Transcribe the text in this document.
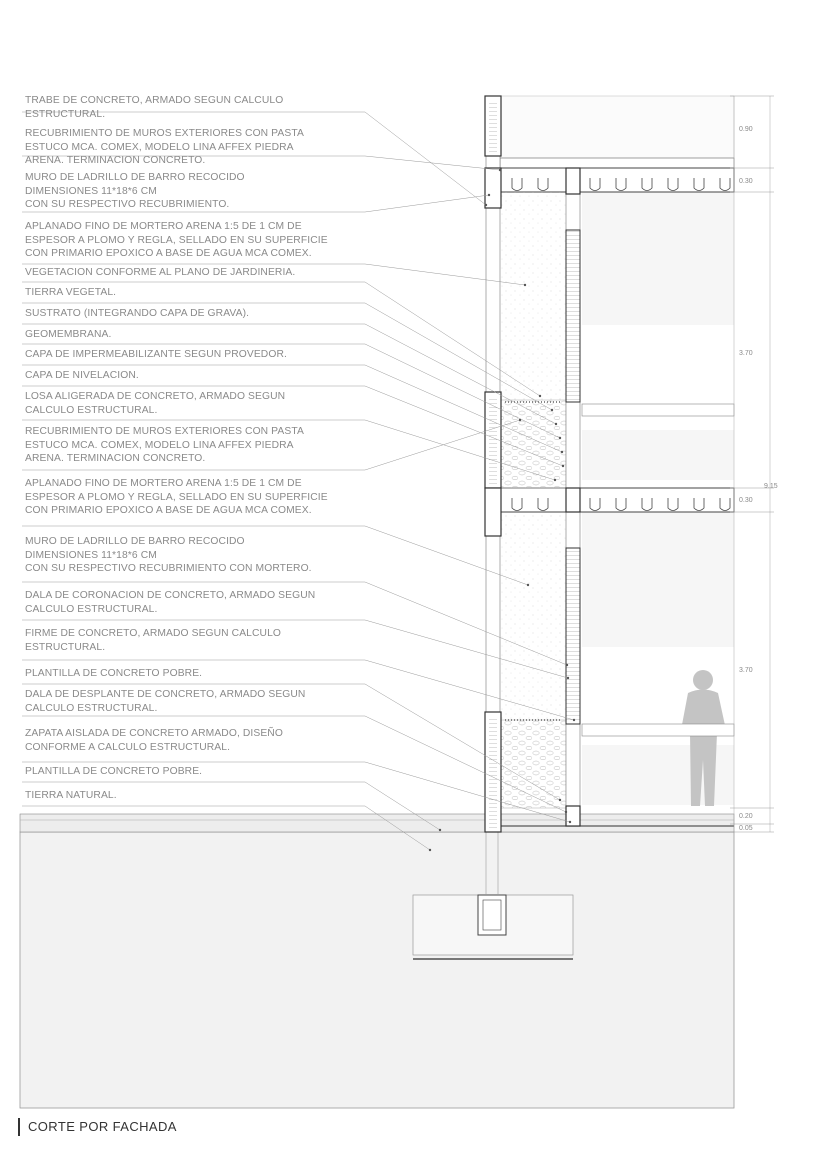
0.90
0.30
3.70
0.30
3.70
0.20
0.05
9.15
TRABE DE CONCRETO, ARMADO SEGUN CALCULO
ESTRUCTURAL.
RECUBRIMIENTO DE MUROS EXTERIORES CON PASTA
ESTUCO MCA. COMEX, MODELO LINA AFFEX PIEDRA
ARENA. TERMINACION CONCRETO.
MURO DE LADRILLO DE BARRO RECOCIDO
DIMENSIONES 11*18*6 CM
CON SU RESPECTIVO RECUBRIMIENTO.
APLANADO FINO DE MORTERO ARENA 1:5 DE 1 CM DE
ESPESOR A PLOMO Y REGLA, SELLADO EN SU SUPERFICIE
CON PRIMARIO EPOXICO A BASE DE AGUA MCA COMEX.
VEGETACION CONFORME AL PLANO DE JARDINERIA.
TIERRA VEGETAL.
SUSTRATO (INTEGRANDO CAPA DE GRAVA).
GEOMEMBRANA.
CAPA DE IMPERMEABILIZANTE SEGUN PROVEDOR.
CAPA DE NIVELACION.
LOSA ALIGERADA DE CONCRETO, ARMADO SEGUN
CALCULO ESTRUCTURAL.
RECUBRIMIENTO DE MUROS EXTERIORES CON PASTA
ESTUCO MCA. COMEX, MODELO LINA AFFEX PIEDRA
ARENA. TERMINACION CONCRETO.
APLANADO FINO DE MORTERO ARENA 1:5 DE 1 CM DE
ESPESOR A PLOMO Y REGLA, SELLADO EN SU SUPERFICIE
CON PRIMARIO EPOXICO A BASE DE AGUA MCA COMEX.
MURO DE LADRILLO DE BARRO RECOCIDO
DIMENSIONES 11*18*6 CM
CON SU RESPECTIVO RECUBRIMIENTO CON MORTERO.
DALA DE CORONACION DE CONCRETO, ARMADO SEGUN
CALCULO ESTRUCTURAL.
FIRME DE CONCRETO, ARMADO SEGUN CALCULO
ESTRUCTURAL.
PLANTILLA DE CONCRETO POBRE.
DALA DE DESPLANTE DE CONCRETO, ARMADO SEGUN
CALCULO ESTRUCTURAL.
ZAPATA AISLADA DE CONCRETO ARMADO, DISEÑO
CONFORME A CALCULO ESTRUCTURAL.
PLANTILLA DE CONCRETO POBRE.
TIERRA NATURAL.
CORTE POR FACHADA
